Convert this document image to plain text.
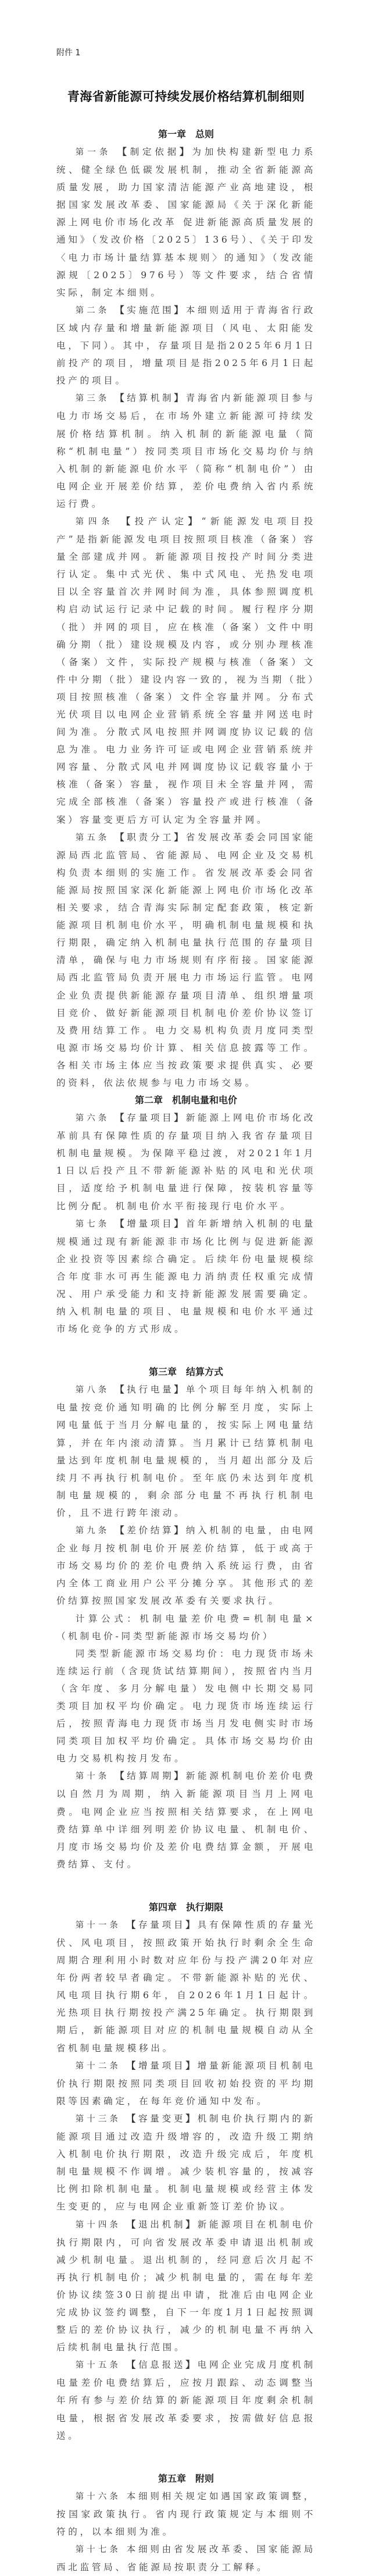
附件 1
青海省新能源可持续发展价格结算机制细则
第一章 总则

第一条 【制定依据】为加快构建新型电力系统、健全绿色低碳发展机制，推动全省新能源高质量发展，助力国家清洁能源产业高地建设，根据国家发展改革委、国家能源局《关于深化新能源上网电价市场化改革 促进新能源高质量发展的通知》（发改价格〔2025〕136号）、《关于印发〈电力市场计量结算基本规则〉的通知》（发改能源规〔2025〕976号）等文件要求，结合省情实际，制定本细则。

第二条 【实施范围】本细则适用于青海省行政区域内存量和增量新能源项目（风电、太阳能发电，下同）。其中，存量项目是指2025年6月1日前投产的项目，增量项目是指2025年6月1日起投产的项目。

第三条 【结算机制】青海省内新能源项目参与电力市场交易后，在市场外建立新能源可持续发展价格结算机制。纳入机制的新能源电量（简称“机制电量”）按同类项目市场化交易均价与纳入机制的新能源电价水平（简称“机制电价”）由电网企业开展差价结算，差价电费纳入省内系统运行费。

第四条 【投产认定】“新能源发电项目投产”是指新能源发电项目按照项目核准（备案）容量全部建成并网。新能源项目按投产时间分类进行认定。集中式光伏、集中式风电、光热发电项目以全容量首次并网时间为准，具体参照调度机构启动试运行记录中记载的时间。履行程序分期（批）并网的项目，应在核准（备案）文件中明确分期（批）建设规模及内容，或分别办理核准（备案）文件，实际投产规模与核准（备案）文件中分期（批）建设内容一致的，视为当期（批）项目按照核准（备案）文件全容量并网。分布式光伏项目以电网企业营销系统全容量并网送电时间为准。分散式风电按照并网调度协议记载的信息为准。电力业务许可证或电网企业营销系统并网容量、分散式风电并网调度协议记载容量小于核准（备案）容量，视作项目未全容量并网，需完成全部核准（备案）容量投产或进行核准（备案）容量变更后方可认定为全容量并网。

第五条 【职责分工】省发展改革委会同国家能源局西北监管局、省能源局、电网企业及交易机构负责本细则的实施工作。省发展改革委会同省能源局按照国家深化新能源上网电价市场化改革相关要求，结合青海实际制定配套政策，核定新能源项目机制电价水平，明确机制电量规模和执行期限，确定纳入机制电量执行范围的存量项目清单，确保与电力市场规则有序衔接。国家能源局西北监管局负责开展电力市场运行监管。电网企业负责提供新能源存量项目清单、组织增量项目竞价、做好新能源项目机制电价差价协议签订及费用结算工作。电力交易机构负责月度同类型电源市场交易均价计算、相关信息披露等工作。各相关市场主体应当按政策要求提供真实、必要的资料，依法依规参与电力市场交易。

第二章 机制电量和电价

第六条 【存量项目】新能源上网电价市场化改革前具有保障性质的存量项目纳入我省存量项目机制电量规模。为保障平稳过渡，对2021年1月1日以后投产且不带新能源补贴的风电和光伏项目，适度给予机制电量进行保障，按装机容量等比例分配。机制电价水平衔接现行电价水平。

第七条 【增量项目】首年新增纳入机制的电量规模通过现有新能源非市场化比例与促进新能源企业投资等因素综合确定。后续年份电量规模综合年度非水可再生能源电力消纳责任权重完成情况、用户承受能力和支持新能源发展需要确定。纳入机制电量的项目、电量规模和电价水平通过市场化竞争的方式形成。

第三章 结算方式

第八条 【执行电量】单个项目每年纳入机制的电量按竞价通知明确的比例分解至月度，实际上网电量低于当月分解电量的，按实际上网电量结算，并在年内滚动清算。当月累计已结算机制电量达到年度机制电量规模的，当月超出部分及后续月不再执行机制电价。至年底仍未达到年度机制电量规模的，剩余部分电量不再执行机制电价，且不进行跨年滚动。

第九条 【差价结算】纳入机制的电量，由电网企业每月按机制电价开展差价结算，低于或高于市场交易均价的差价电费纳入系统运行费，由省内全体工商业用户公平分摊分享。其他形式的差价结算按照国家发展改革委有关要求执行。

计算公式：机制电量差价电费=机制电量×（机制电价-同类型新能源市场交易均价）

同类型新能源市场交易均价：电力现货市场未连续运行前（含现货试结算期间），按照省内当月（含年度、多月分解电量）发电侧中长期交易同类项目加权平均价确定。电力现货市场连续运行后，按照青海电力现货市场当月发电侧实时市场同类项目加权平均价确定。具体市场交易均价由电力交易机构按月发布。

第十条 【结算周期】新能源机制电价差价电费以自然月为周期，纳入新能源项目当月上网电费。电网企业应当按照相关结算要求，在上网电费结算单中详细列明差价协议电量、机制电价、月度市场交易均价及差价电费结算金额，开展电费结算、支付。

第四章 执行期限

第十一条 【存量项目】具有保障性质的存量光伏、风电项目，按照政策开始执行时剩余全生命周期合理利用小时数对应年份与投产满20年对应年份两者较早者确定。不带新能源补贴的光伏、风电项目执行期6年，自2026年1月1日起计。光热项目执行期按投产满25年确定。执行期限到期后，新能源项目对应的机制电量规模自动从全省机制电量规模移出。

第十二条 【增量项目】增量新能源项目机制电价执行期限按照同类项目回收初始投资的平均期限等因素确定，在每年竞价通知中发布。

第十三条 【容量变更】机制电价执行期内的新能源项目通过改造升级增容的，改造升级工期纳入机制电价执行期限，改造升级完成后，年度机制电量规模不作调增。减少装机容量的，按减容比例扣除机制电量。机制电量规模或经营主体发生变更的，应与电网企业重新签订差价协议。

第十四条 【退出机制】新能源项目在机制电价执行期限内，可向省发展改革委申请退出机制或减少机制电量。退出机制的，经同意后次月起不再执行机制电价；减少机制电量的，需在每年差价协议续签30日前提出申请，批准后由电网企业完成协议签约调整，自下一年度1月1日起按照调整后的差价协议执行，减少的机制电量不再纳入后续机制电量执行范围。

第十五条 【信息报送】电网企业完成月度机制电量差价电费结算后，应按月跟踪、动态调整当年所有参与差价结算的新能源项目年度剩余机制电量，根据省发展改革委要求，按需做好信息报送。

第五章 附则

第十六条 本细则相关规定如遇国家政策调整，按国家政策执行。省内现行政策规定与本细则不符的，以本细则为准。

第十七条 本细则由省发展改革委、国家能源局西北监管局、省能源局按职责分工解释。
